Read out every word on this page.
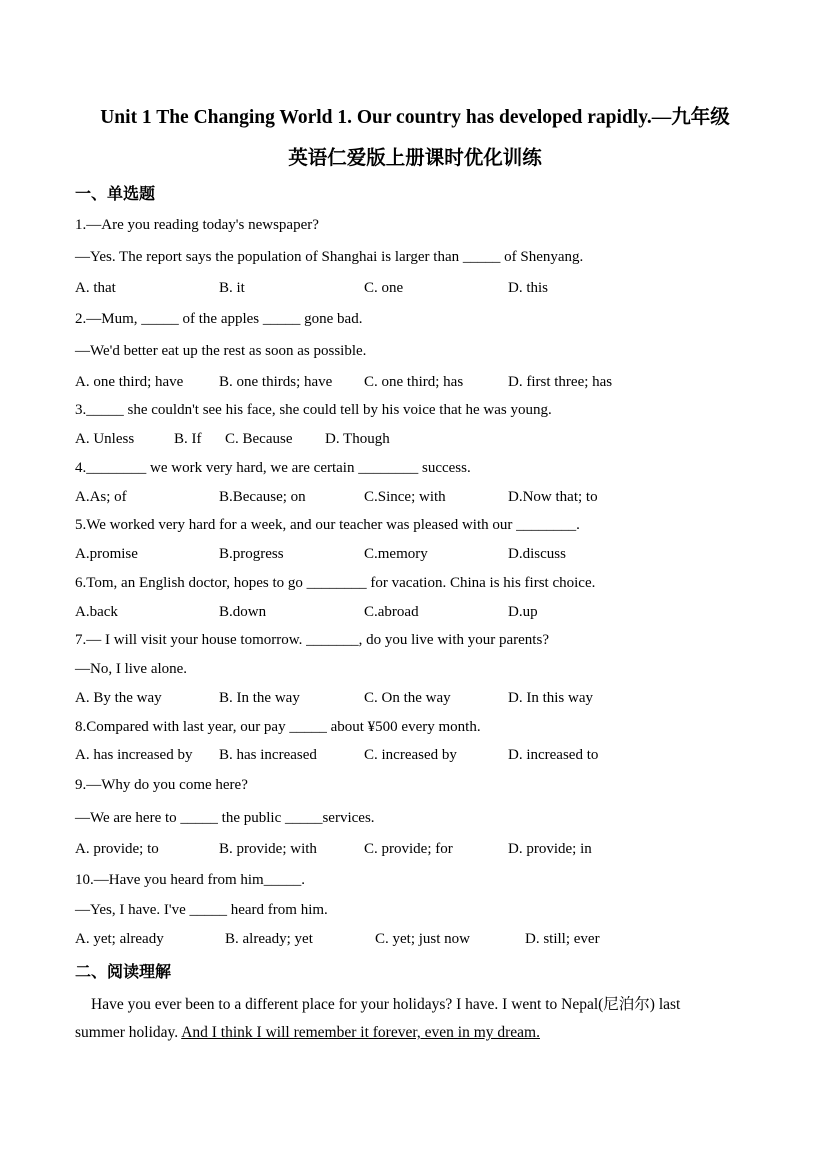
Unit 1 The Changing World 1. Our country has developed rapidly.—九年级
英语仁爱版上册课时优化训练
一、单选题
1.—Are you reading today's newspaper?
—Yes. The report says the population of Shanghai is larger than _____ of Shenyang.
A. that	B. it	C. one	D. this
2.—Mum, _____ of the apples _____ gone bad.
—We'd better eat up the rest as soon as possible.
A. one third; have B. one thirds; have C. one third; has	D. first three; has
3._____ she couldn't see his face, she could tell by his voice that he was young.
A. Unless	B. If C. Because D. Though
4.________ we work very hard, we are certain ________ success.
A.As; of	B.Because; on	C.Since; with	D.Now that; to
5.We worked very hard for a week, and our teacher was pleased with our ________.
A.promise	B.progress	C.memory	D.discuss
6.Tom, an English doctor, hopes to go ________ for vacation. China is his first choice.
A.back	B.down	C.abroad	D.up
7.— I will visit your house tomorrow. _______, do you live with your parents?
—No, I live alone.
A. By the way	B. In the way	C. On the way	D. In this way
8.Compared with last year, our pay _____ about ¥500 every month.
A. has increased by B. has increased	C. increased by	D. increased to
9.—Why do you come here?
—We are here to _____ the public _____services.
A. provide; to	B. provide; with	C. provide; for	D. provide; in
10.—Have you heard from him_____.
—Yes, I have. I've _____ heard from him.
A. yet; already	B. already; yet	C. yet; just now	D. still; ever
二、阅读理解
Have you ever been to a different place for your holidays? I have. I went to Nepal(尼泊尔) last
summer holiday. And I think I will remember it forever, even in my dream.
